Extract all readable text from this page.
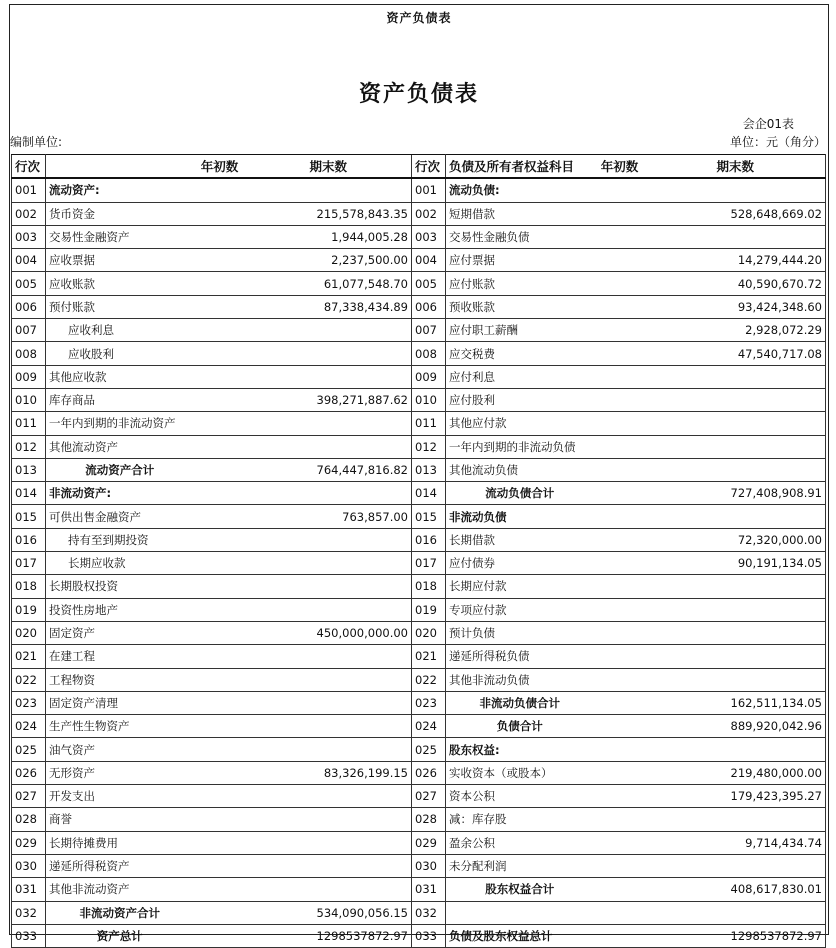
资产负债表
资产负债表
会企01表
编制单位:	单位：元（角分）
行次		年初数	期末数	行次	负债及所有者权益科目	年初数	期末数
001	流动资产:			001	流动负债:		
002	货币资金		215,578,843.35	002	短期借款		528,648,669.02
003	交易性金融资产		1,944,005.28	003	交易性金融负债		
004	应收票据		2,237,500.00	004	应付票据		14,279,444.20
005	应收账款		61,077,548.70	005	应付账款		40,590,670.72
006	预付账款		87,338,434.89	006	预收账款		93,424,348.60
007	应收利息			007	应付职工薪酬		2,928,072.29
008	应收股利			008	应交税费		47,540,717.08
009	其他应收款			009	应付利息		
010	库存商品		398,271,887.62	010	应付股利		
011	一年内到期的非流动资产			011	其他应付款		
012	其他流动资产			012	一年内到期的非流动负债		
013	流动资产合计		764,447,816.82	013	其他流动负债		
014	非流动资产:			014	流动负债合计		727,408,908.91
015	可供出售金融资产		763,857.00	015	非流动负债		
016	持有至到期投资			016	长期借款		72,320,000.00
017	长期应收款			017	应付债券		90,191,134.05
018	长期股权投资			018	长期应付款		
019	投资性房地产			019	专项应付款		
020	固定资产		450,000,000.00	020	预计负债		
021	在建工程			021	递延所得税负债		
022	工程物资			022	其他非流动负债		
023	固定资产清理			023	非流动负债合计		162,511,134.05
024	生产性生物资产			024	负债合计		889,920,042.96
025	油气资产			025	股东权益:		
026	无形资产		83,326,199.15	026	实收资本（或股本）		219,480,000.00
027	开发支出			027	资本公积		179,423,395.27
028	商誉			028	减：库存股		
029	长期待摊费用			029	盈余公积		9,714,434.74
030	递延所得税资产			030	未分配利润		
031	其他非流动资产			031	股东权益合计		408,617,830.01
032	非流动资产合计		534,090,056.15	032			
033	资产总计		1298537872.97	033	负债及股东权益总计		1298537872.97
